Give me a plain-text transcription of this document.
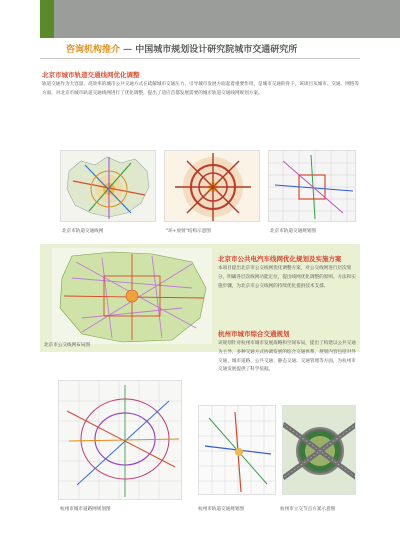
咨询机构推介 — 中国城市规划设计研究院城市交通研究所
北京市城市轨道交通线网优化调整
轨道交通作为大容量、高效率的城市公共交通方式在疏解城市交通压力、引导城市发展方面起着重要作用，是城市交通的骨干。该项目从城市、交通、网络等方面，对北京市城市轨道交通线网进行了优化调整，提出了适应首都发展需要的城市轨道交通线网规划方案。
北京市轨道交通线网	"环+放射"结构示意图	北京市轨道交通规划图
北京市公交线网布局图
北京市公共电汽车线网优化规划及实施方案
本项目提出北京市公交线网优化调整方案，对公交线网进行层次划分，明确各层次线网功能定位，提出线网优化调整的原则、方法和实施步骤，为北京市公交线网的持续优化提供技术支撑。
杭州市城市综合交通规划
该规划针对杭州市城市发展战略和空间布局，提出了构建以公共交通为主导、多种交通方式协调发展的综合交通体系。规划内容包括对外交通、城市道路、公共交通、静态交通、交通管理等方面，为杭州市交通发展提供了科学依据。
杭州市城市道路网规划图	杭州市轨道交通规划图	杭州市立交节点方案示意图
